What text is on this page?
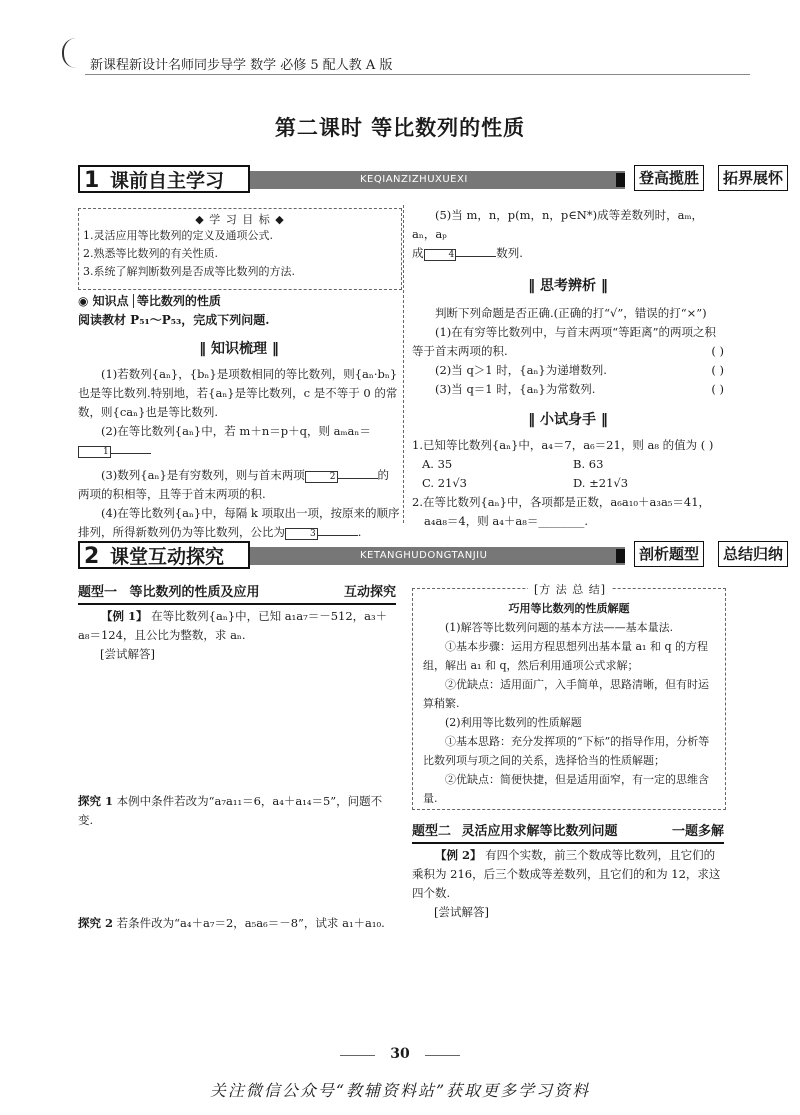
新课程新设计名师同步导学 数学 必修 5 配人教 A 版
第二课时 等比数列的性质
1 课前自主学习	KEQIANZIZHUXUEXI	登高揽胜	拓界展怀
◆ 学 习 目 标 ◆
1.灵活应用等比数列的定义及通项公式.
2.熟悉等比数列的有关性质.
3.系统了解判断数列是否成等比数列的方法.
◉ 知识点 等比数列的性质
阅读教材 P₅₁～P₅₃，完成下列问题.
‖ 知识梳理 ‖
(1)若数列{aₙ}，{bₙ}是项数相同的等比数列，则{aₙ·bₙ}也是等比数列.特别地，若{aₙ}是等比数列，c 是不等于 0 的常数，则{caₙ}也是等比数列.
(2)在等比数列{aₙ}中，若 m＋n＝p＋q，则 aₘaₙ＝1
(3)数列{aₙ}是有穷数列，则与首末两项	2	的两项的积相等，且等于首末两项的积.
(4)在等比数列{aₙ}中，每隔 k 项取出一项，按原来的顺序排列，所得新数列仍为等比数列，公比为	3	.
(5)当 m，n，p(m，n，p∈N*)成等差数列时，aₘ，aₙ，aₚ
成	4	数列.
‖ 思考辨析 ‖
判断下列命题是否正确.(正确的打“√”，错误的打“×”)
(1)在有穷等比数列中，与首末两项“等距离”的两项之积等于首末两项的积.	( )
(2)当 q＞1 时，{aₙ}为递增数列.	( )
(3)当 q＝1 时，{aₙ}为常数列.	( )
‖ 小试身手 ‖
1.已知等比数列{aₙ}中，a₄＝7，a₆＝21，则 a₈ 的值为 ( )
A. 35	B. 63
C. 21√3	D. ±21√3
2.在等比数列{aₙ}中，各项都是正数，a₆a₁₀＋a₃a₅＝41，
a₄a₈＝4，则 a₄＋a₈＝________.
2 课堂互动探究	KETANGHUDONGTANJIU	剖析题型	总结归纳
题型一 等比数列的性质及应用	互动探究
【例 1】 在等比数列{aₙ}中，已知 a₁a₇＝－512，a₃＋a₈＝124，且公比为整数，求 aₙ.
[尝试解答]
探究 1 本例中条件若改为“a₇a₁₁＝6，a₄＋a₁₄＝5”，问题不变.
探究 2 若条件改为“a₄＋a₇＝2，a₅a₆＝－8”，试求 a₁＋a₁₀.
[方 法 总 结]
巧用等比数列的性质解题
(1)解答等比数列问题的基本方法——基本量法.
①基本步骤：运用方程思想列出基本量 a₁ 和 q 的方程组，解出 a₁ 和 q，然后利用通项公式求解；
②优缺点：适用面广，入手简单，思路清晰，但有时运算稍繁.
(2)利用等比数列的性质解题
①基本思路：充分发挥项的“下标”的指导作用，分析等比数列项与项之间的关系，选择恰当的性质解题；
②优缺点：简便快捷，但是适用面窄，有一定的思维含量.
题型二 灵活应用求解等比数列问题	一题多解
【例 2】 有四个实数，前三个数成等比数列，且它们的乘积为 216，后三个数成等差数列，且它们的和为 12，求这四个数.
[尝试解答]
30
关注微信公众号“教辅资料站”获取更多学习资料
